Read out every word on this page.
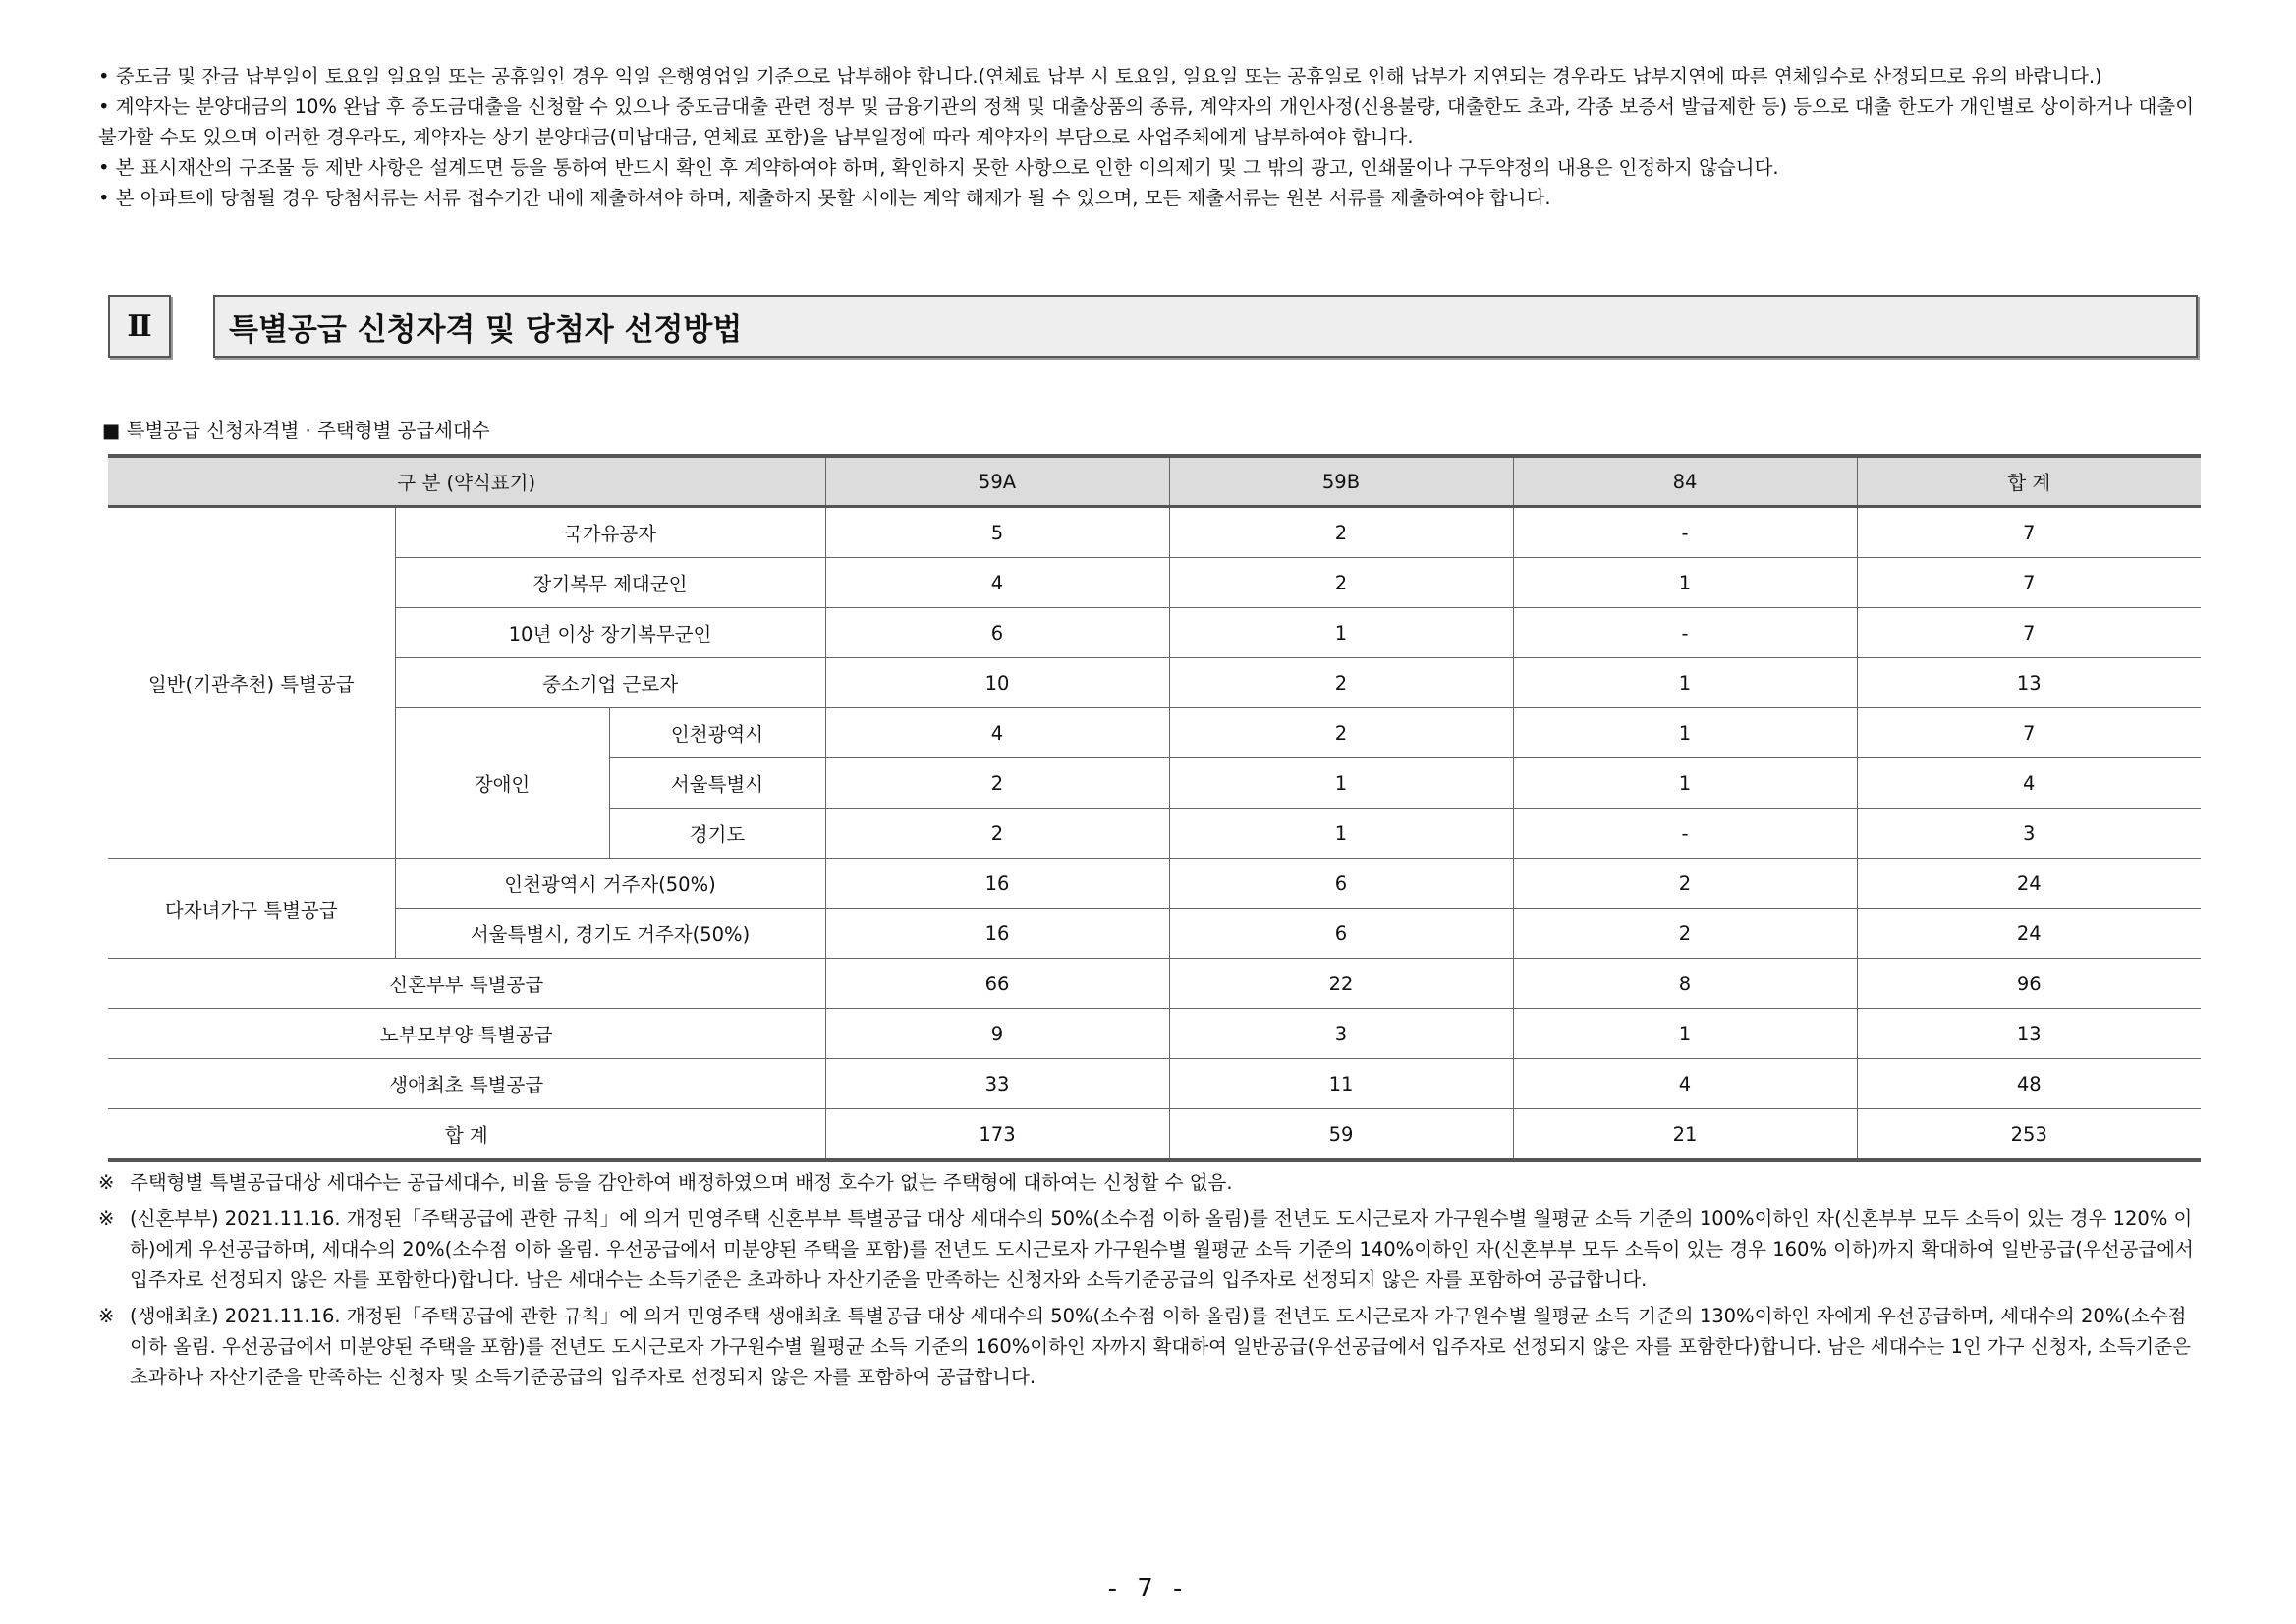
• 중도금 및 잔금 납부일이 토요일 일요일 또는 공휴일인 경우 익일 은행영업일 기준으로 납부해야 합니다.(연체료 납부 시 토요일, 일요일 또는 공휴일로 인해 납부가 지연되는 경우라도 납부지연에 따른 연체일수로 산정되므로 유의 바랍니다.)

• 계약자는 분양대금의 10% 완납 후 중도금대출을 신청할 수 있으나 중도금대출 관련 정부 및 금융기관의 정책 및 대출상품의 종류, 계약자의 개인사정(신용불량, 대출한도 초과, 각종 보증서 발급제한 등) 등으로 대출 한도가 개인별로 상이하거나 대출이 불가할 수도 있으며 이러한 경우라도, 계약자는 상기 분양대금(미납대금, 연체료 포함)을 납부일정에 따라 계약자의 부담으로 사업주체에게 납부하여야 합니다.

• 본 표시재산의 구조물 등 제반 사항은 설계도면 등을 통하여 반드시 확인 후 계약하여야 하며, 확인하지 못한 사항으로 인한 이의제기 및 그 밖의 광고, 인쇄물이나 구두약정의 내용은 인정하지 않습니다.

• 본 아파트에 당첨될 경우 당첨서류는 서류 접수기간 내에 제출하셔야 하며, 제출하지 못할 시에는 계약 해제가 될 수 있으며, 모든 제출서류는 원본 서류를 제출하여야 합니다.

Ⅱ	특별공급 신청자격 및 당첨자 선정방법
■ 특별공급 신청자격별 · 주택형별 공급세대수
구 분 (약식표기)			59A	59B	84	합 계
일반(기관추천) 특별공급	국가유공자		5	2	-	7
	장기복무 제대군인		4	2	1	7
	10년 이상 장기복무군인		6	1	-	7
	중소기업 근로자		10	2	1	13
	장애인	인천광역시	4	2	1	7
		서울특별시	2	1	1	4
		경기도	2	1	-	3
다자녀가구 특별공급	인천광역시 거주자(50%)		16	6	2	24
	서울특별시, 경기도 거주자(50%)		16	6	2	24
신혼부부 특별공급			66	22	8	96
노부모부양 특별공급			9	3	1	13
생애최초 특별공급			33	11	4	48
합 계			173	59	21	253
※ 주택형별 특별공급대상 세대수는 공급세대수, 비율 등을 감안하여 배정하였으며 배정 호수가 없는 주택형에 대하여는 신청할 수 없음.
※ (신혼부부) 2021.11.16. 개정된「주택공급에 관한 규칙」에 의거 민영주택 신혼부부 특별공급 대상 세대수의 50%(소수점 이하 올림)를 전년도 도시근로자 가구원수별 월평균 소득 기준의 100%이하인 자(신혼부부 모두 소득이 있는 경우 120% 이하)에게 우선공급하며, 세대수의 20%(소수점 이하 올림. 우선공급에서 미분양된 주택을 포함)를 전년도 도시근로자 가구원수별 월평균 소득 기준의 140%이하인 자(신혼부부 모두 소득이 있는 경우 160% 이하)까지 확대하여 일반공급(우선공급에서 입주자로 선정되지 않은 자를 포함한다)합니다. 남은 세대수는 소득기준은 초과하나 자산기준을 만족하는 신청자와 소득기준공급의 입주자로 선정되지 않은 자를 포함하여 공급합니다.
※ (생애최초) 2021.11.16. 개정된「주택공급에 관한 규칙」에 의거 민영주택 생애최초 특별공급 대상 세대수의 50%(소수점 이하 올림)를 전년도 도시근로자 가구원수별 월평균 소득 기준의 130%이하인 자에게 우선공급하며, 세대수의 20%(소수점 이하 올림. 우선공급에서 미분양된 주택을 포함)를 전년도 도시근로자 가구원수별 월평균 소득 기준의 160%이하인 자까지 확대하여 일반공급(우선공급에서 입주자로 선정되지 않은 자를 포함한다)합니다. 남은 세대수는 1인 가구 신청자, 소득기준은 초과하나 자산기준을 만족하는 신청자 및 소득기준공급의 입주자로 선정되지 않은 자를 포함하여 공급합니다.
- 7 -
